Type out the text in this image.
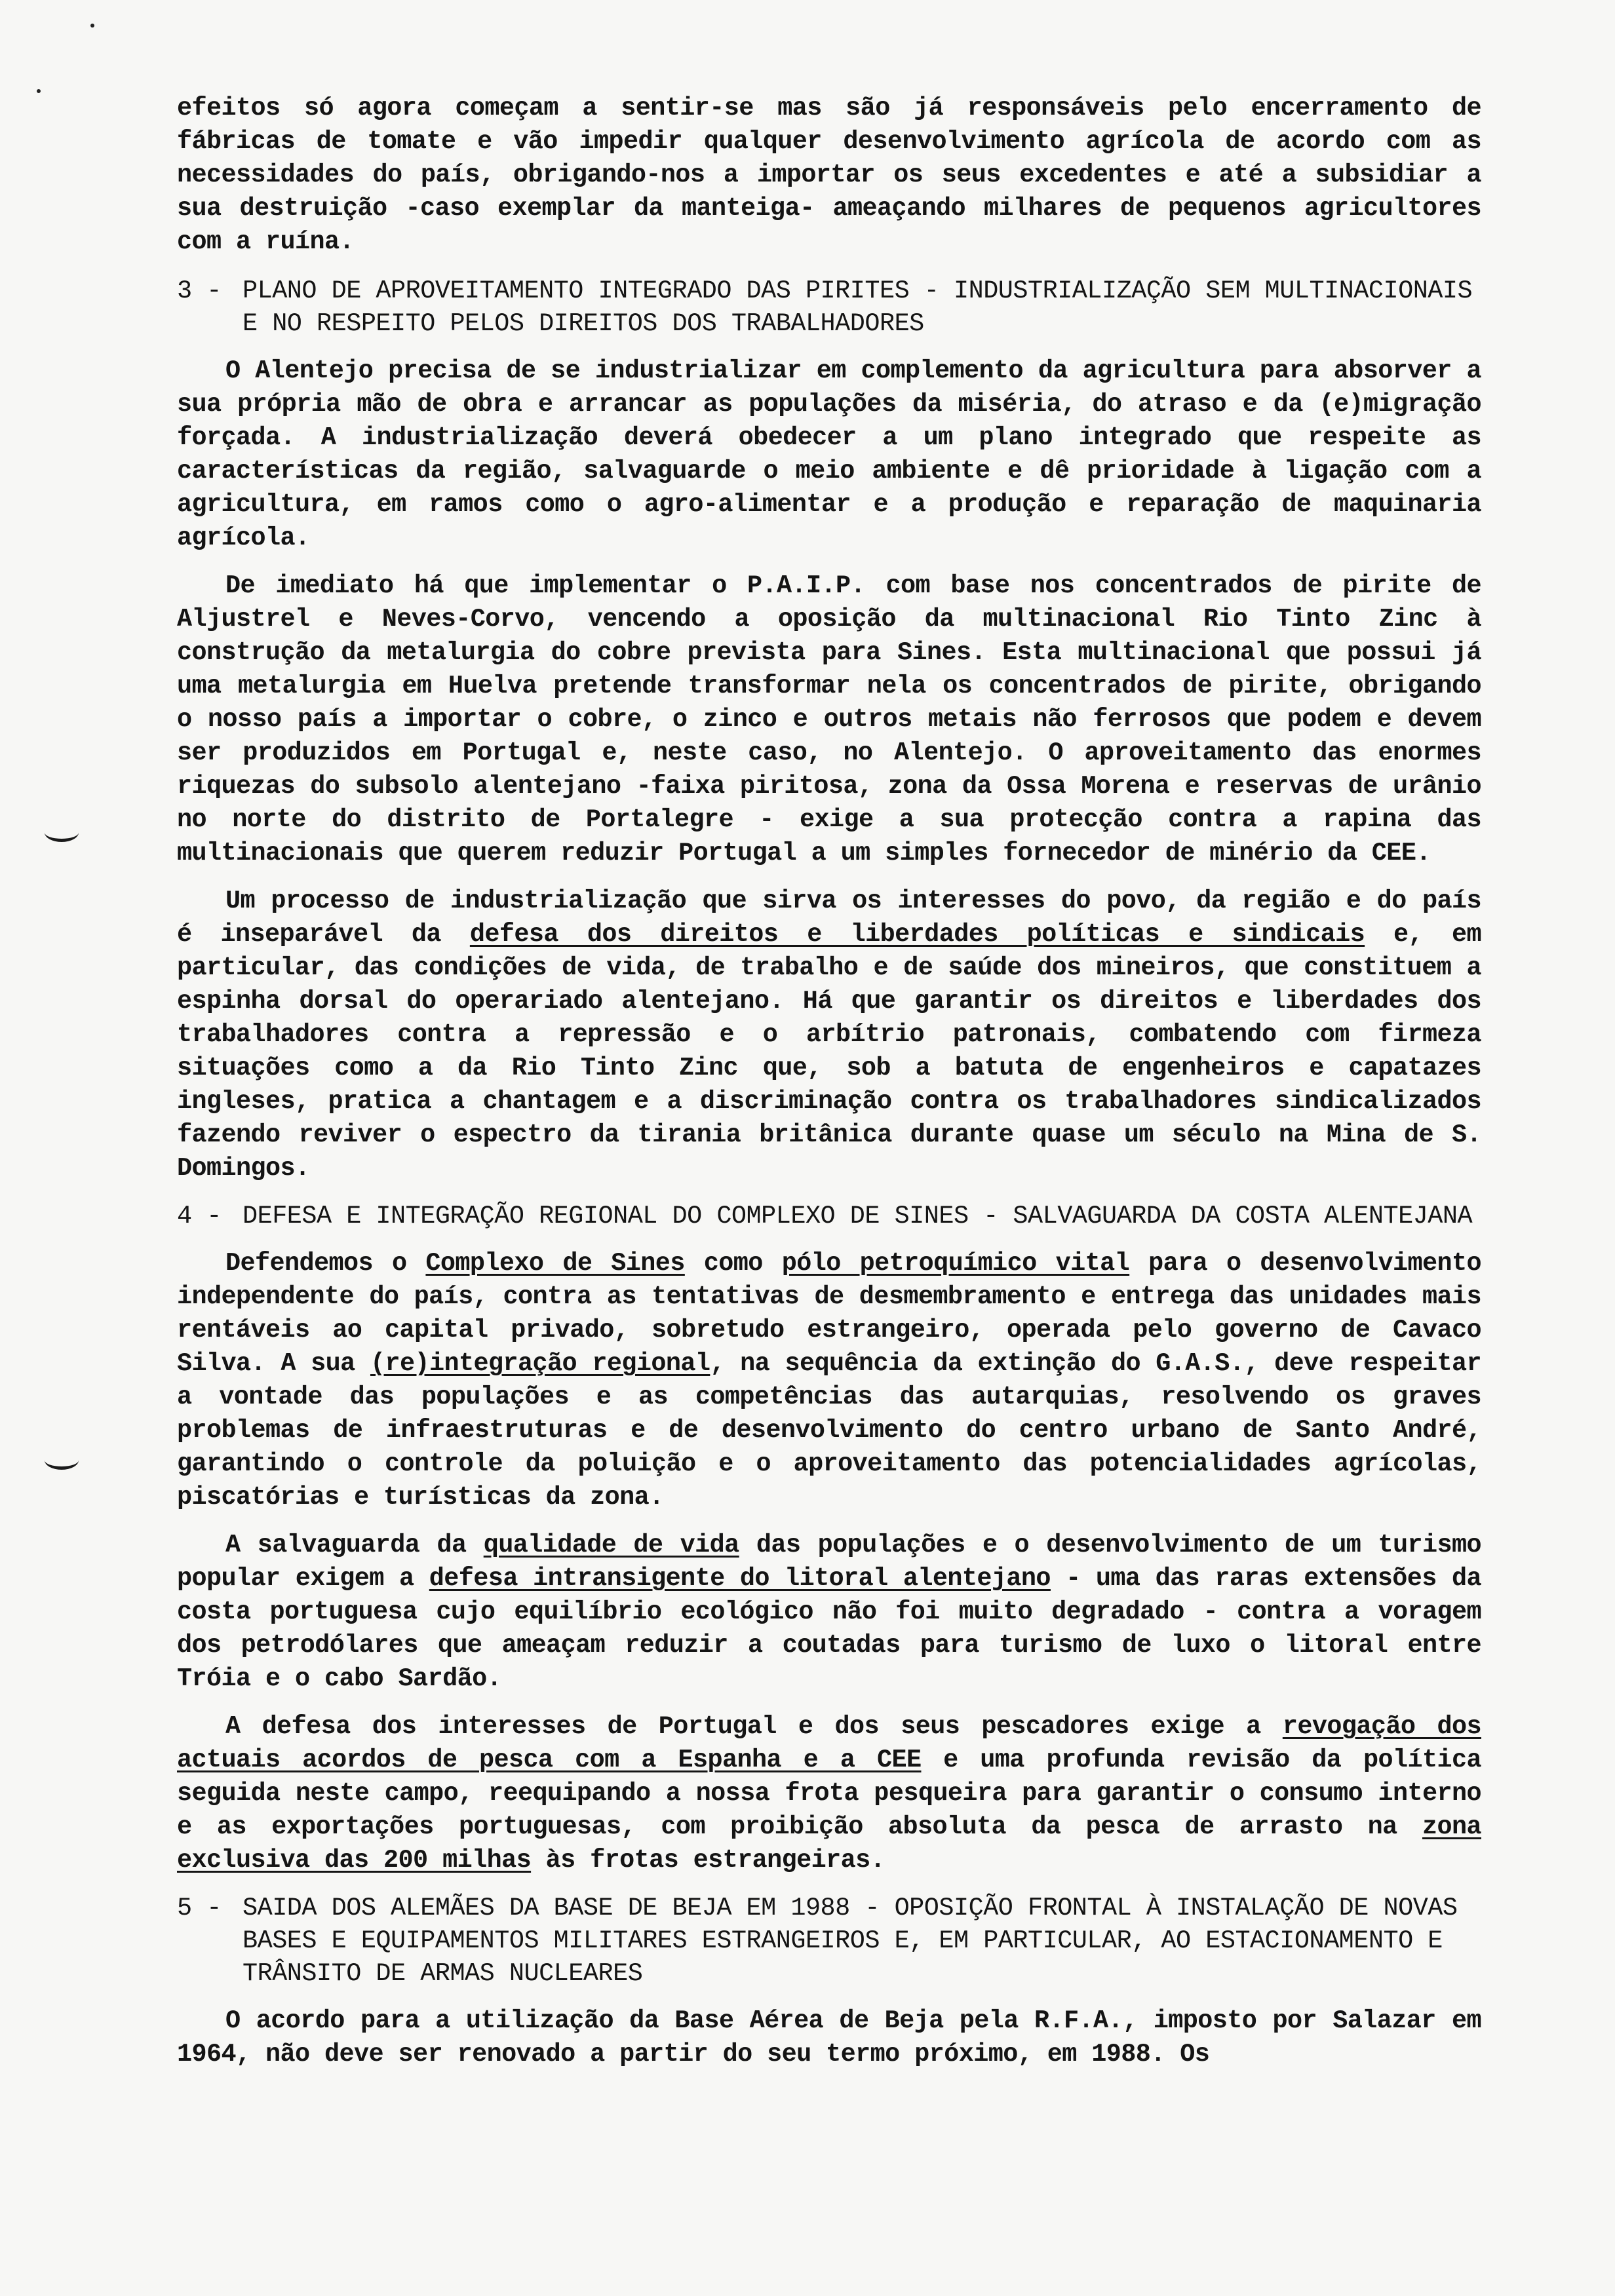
efeitos só agora começam a sentir-se mas são já responsáveis pelo encerramento de fábricas de tomate e vão impedir qualquer desenvolvimento agrícola de acordo com as necessidades do país, obrigando-nos a importar os seus excedentes e até a subsidiar a sua destruição -caso exemplar da manteiga- ameaçando milhares de pequenos agricultores com a ruína.

3 - PLANO DE APROVEITAMENTO INTEGRADO DAS PIRITES - INDUSTRIALIZAÇÃO SEM MULTINACIONAIS E NO RESPEITO PELOS DIREITOS DOS TRABALHADORES

O Alentejo precisa de se industrializar em complemento da agricultura para absorver a sua própria mão de obra e arrancar as populações da miséria, do atraso e da (e)migração forçada. A industrialização deverá obedecer a um plano integrado que respeite as características da região, salvaguarde o meio ambiente e dê prioridade à ligação com a agricultura, em ramos como o agro-alimentar e a produção e reparação de maquinaria agrícola.

De imediato há que implementar o P.A.I.P. com base nos concentrados de pirite de Aljustrel e Neves-Corvo, vencendo a oposição da multinacional Rio Tinto Zinc à construção da metalurgia do cobre prevista para Sines. Esta multinacional que possui já uma metalurgia em Huelva pretende transformar nela os concentrados de pirite, obrigando o nosso país a importar o cobre, o zinco e outros metais não ferrosos que podem e devem ser produzidos em Portugal e, neste caso, no Alentejo. O aproveitamento das enormes riquezas do subsolo alentejano -faixa piritosa, zona da Ossa Morena e reservas de urânio no norte do distrito de Portalegre - exige a sua protecção contra a rapina das multinacionais que querem reduzir Portugal a um simples fornecedor de minério da CEE.

Um processo de industrialização que sirva os interesses do povo, da região e do país é inseparável da defesa dos direitos e liberdades políticas e sindicais e, em particular, das condições de vida, de trabalho e de saúde dos mineiros, que constituem a espinha dorsal do operariado alentejano. Há que garantir os direitos e liberdades dos trabalhadores contra a repressão e o arbítrio patronais, combatendo com firmeza situações como a da Rio Tinto Zinc que, sob a batuta de engenheiros e capatazes ingleses, pratica a chantagem e a discriminação contra os trabalhadores sindicalizados fazendo reviver o espectro da tirania britânica durante quase um século na Mina de S. Domingos.

4 - DEFESA E INTEGRAÇÃO REGIONAL DO COMPLEXO DE SINES - SALVAGUARDA DA COSTA ALENTEJANA

Defendemos o Complexo de Sines como pólo petroquímico vital para o desenvolvimento independente do país, contra as tentativas de desmembramento e entrega das unidades mais rentáveis ao capital privado, sobretudo estrangeiro, operada pelo governo de Cavaco Silva. A sua (re)integração regional, na sequência da extinção do G.A.S., deve respeitar a vontade das populações e as competências das autarquias, resolvendo os graves problemas de infraestruturas e de desenvolvimento do centro urbano de Santo André, garantindo o controle da poluição e o aproveitamento das potencialidades agrícolas, piscatórias e turísticas da zona.

A salvaguarda da qualidade de vida das populações e o desenvolvimento de um turismo popular exigem a defesa intransigente do litoral alentejano - uma das raras extensões da costa portuguesa cujo equilíbrio ecológico não foi muito degradado - contra a voragem dos petrodólares que ameaçam reduzir a coutadas para turismo de luxo o litoral entre Tróia e o cabo Sardão.

A defesa dos interesses de Portugal e dos seus pescadores exige a revogação dos actuais acordos de pesca com a Espanha e a CEE e uma profunda revisão da política seguida neste campo, reequipando a nossa frota pesqueira para garantir o consumo interno e as exportações portuguesas, com proibição absoluta da pesca de arrasto na zona exclusiva das 200 milhas às frotas estrangeiras.

5 - SAIDA DOS ALEMÃES DA BASE DE BEJA EM 1988 - OPOSIÇÃO FRONTAL À INSTALAÇÃO DE NOVAS BASES E EQUIPAMENTOS MILITARES ESTRANGEIROS E, EM PARTICULAR, AO ESTACIONAMENTO E TRÂNSITO DE ARMAS NUCLEARES

O acordo para a utilização da Base Aérea de Beja pela R.F.A., imposto por Salazar em 1964, não deve ser renovado a partir do seu termo próximo, em 1988. Os
